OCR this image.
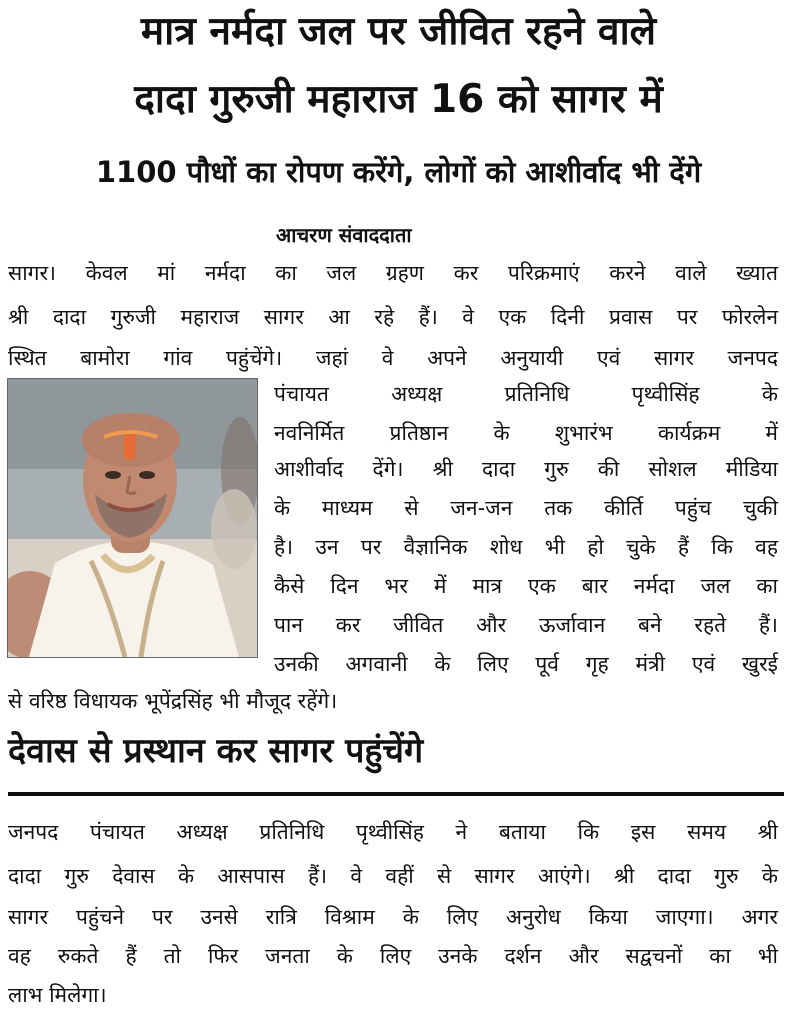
मात्र नर्मदा जल पर जीवित रहने वाले
दादा गुरुजी महाराज 16 को सागर में
1100 पौधों का रोपण करेंगे, लोगों को आशीर्वाद भी देंगे
आचरण संवाददाता
सागर। केवल मां नर्मदा का जल ग्रहण कर परिक्रमाएं करने वाले ख्यात
श्री दादा गुरुजी महाराज सागर आ रहे हैं। वे एक दिनी प्रवास पर फोरलेन
स्थित बामोरा गांव पहुंचेंगे। जहां वे अपने अनुयायी एवं सागर जनपद
पंचायत अध्यक्ष प्रतिनिधि पृथ्वीसिंह के
नवनिर्मित प्रतिष्ठान के शुभारंभ कार्यक्रम में
आशीर्वाद देंगे। श्री दादा गुरु की सोशल मीडिया
के माध्यम से जन-जन तक कीर्ति पहुंच चुकी
है। उन पर वैज्ञानिक शोध भी हो चुके हैं कि वह
कैसे दिन भर में मात्र एक बार नर्मदा जल का
पान कर जीवित और ऊर्जावान बने रहते हैं।
उनकी अगवानी के लिए पूर्व गृह मंत्री एवं खुरई
से वरिष्ठ विधायक भूपेंद्रसिंह भी मौजूद रहेंगे।
देवास से प्रस्थान कर सागर पहुंचेंगे
जनपद पंचायत अध्यक्ष प्रतिनिधि पृथ्वीसिंह ने बताया कि इस समय श्री
दादा गुरु देवास के आसपास हैं। वे वहीं से सागर आएंगे। श्री दादा गुरु के
सागर पहुंचने पर उनसे रात्रि विश्राम के लिए अनुरोध किया जाएगा। अगर
वह रुकते हैं तो फिर जनता के लिए उनके दर्शन और सद्वचनों का भी
लाभ मिलेगा।
